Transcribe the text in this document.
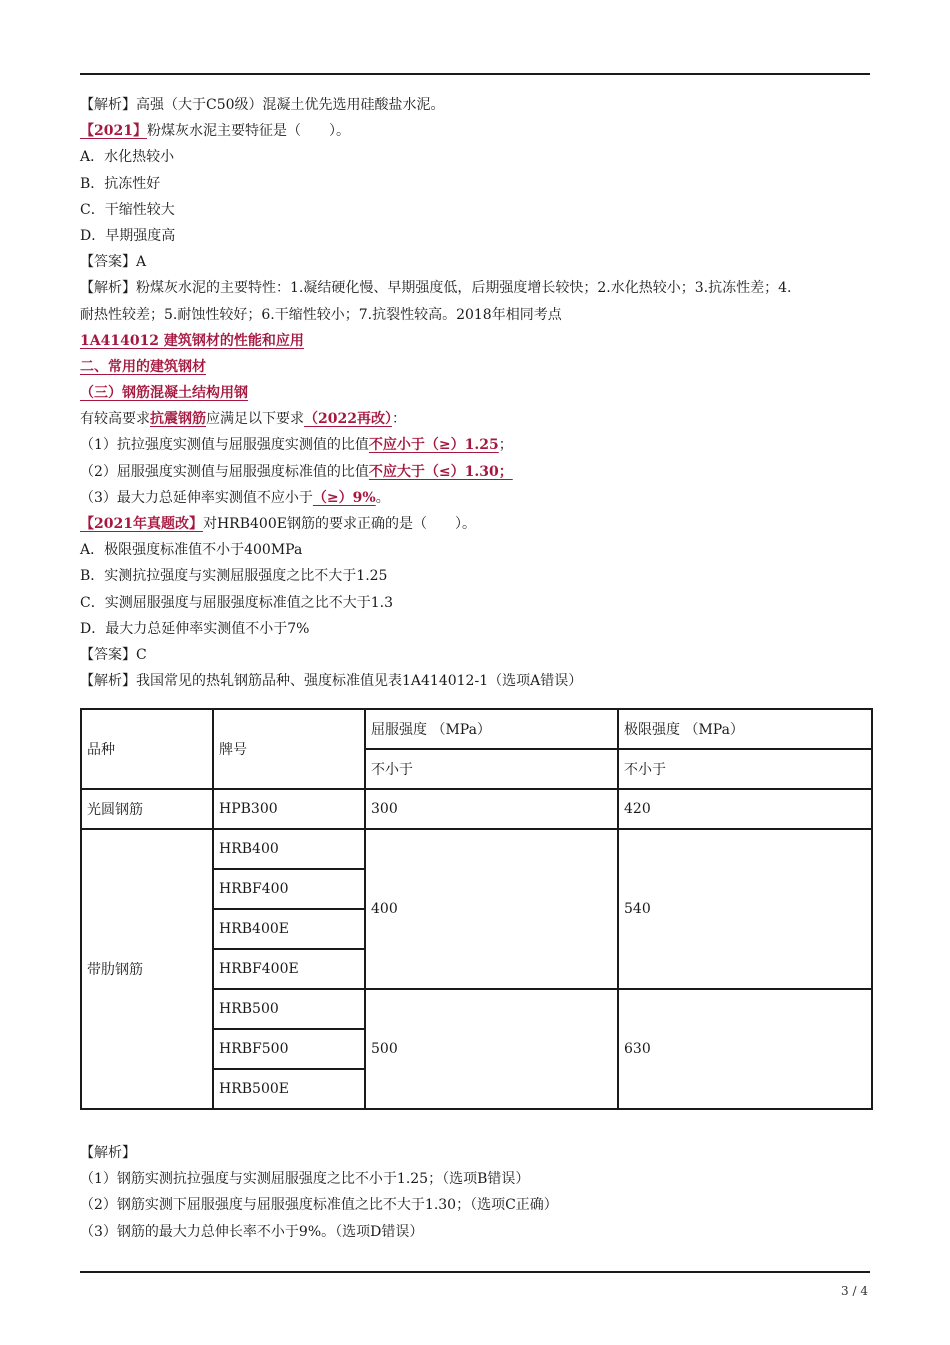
【解析】高强（大于C50级）混凝土优先选用硅酸盐水泥。
【2021】粉煤灰水泥主要特征是（　　）。
A．水化热较小
B．抗冻性好
C．干缩性较大
D．早期强度高
【答案】A
【解析】粉煤灰水泥的主要特性：1.凝结硬化慢、早期强度低，后期强度增长较快；2.水化热较小；3.抗冻性差；4.
耐热性较差；5.耐蚀性较好；6.干缩性较小；7.抗裂性较高。2018年相同考点
1A414012 建筑钢材的性能和应用
二、常用的建筑钢材
（三）钢筋混凝土结构用钢
有较高要求抗震钢筋应满足以下要求（2022再改）：
（1）抗拉强度实测值与屈服强度实测值的比值不应小于（≥）1.25；
（2）屈服强度实测值与屈服强度标准值的比值不应大于（≤）1.30；
（3）最大力总延伸率实测值不应小于（≥）9%。
【2021年真题改】对HRB400E钢筋的要求正确的是（　　）。
A．极限强度标准值不小于400MPa
B．实测抗拉强度与实测屈服强度之比不大于1.25
C．实测屈服强度与屈服强度标准值之比不大于1.3
D．最大力总延伸率实测值不小于7%
【答案】C
【解析】我国常见的热轧钢筋品种、强度标准值见表1A414012-1（选项A错误）
品种	牌号	屈服强度 （MPa）	极限强度 （MPa）
		不小于	不小于
光圆钢筋	HPB300	300	420
带肋钢筋	HRB400	400	540
	HRBF400		
	HRB400E		
	HRBF400E		
	HRB500	500	630
	HRBF500		
	HRB500E		
【解析】
（1）钢筋实测抗拉强度与实测屈服强度之比不小于1.25；（选项B错误）
（2）钢筋实测下屈服强度与屈服强度标准值之比不大于1.30；（选项C正确）
（3）钢筋的最大力总伸长率不小于9%。（选项D错误）
3 / 4
